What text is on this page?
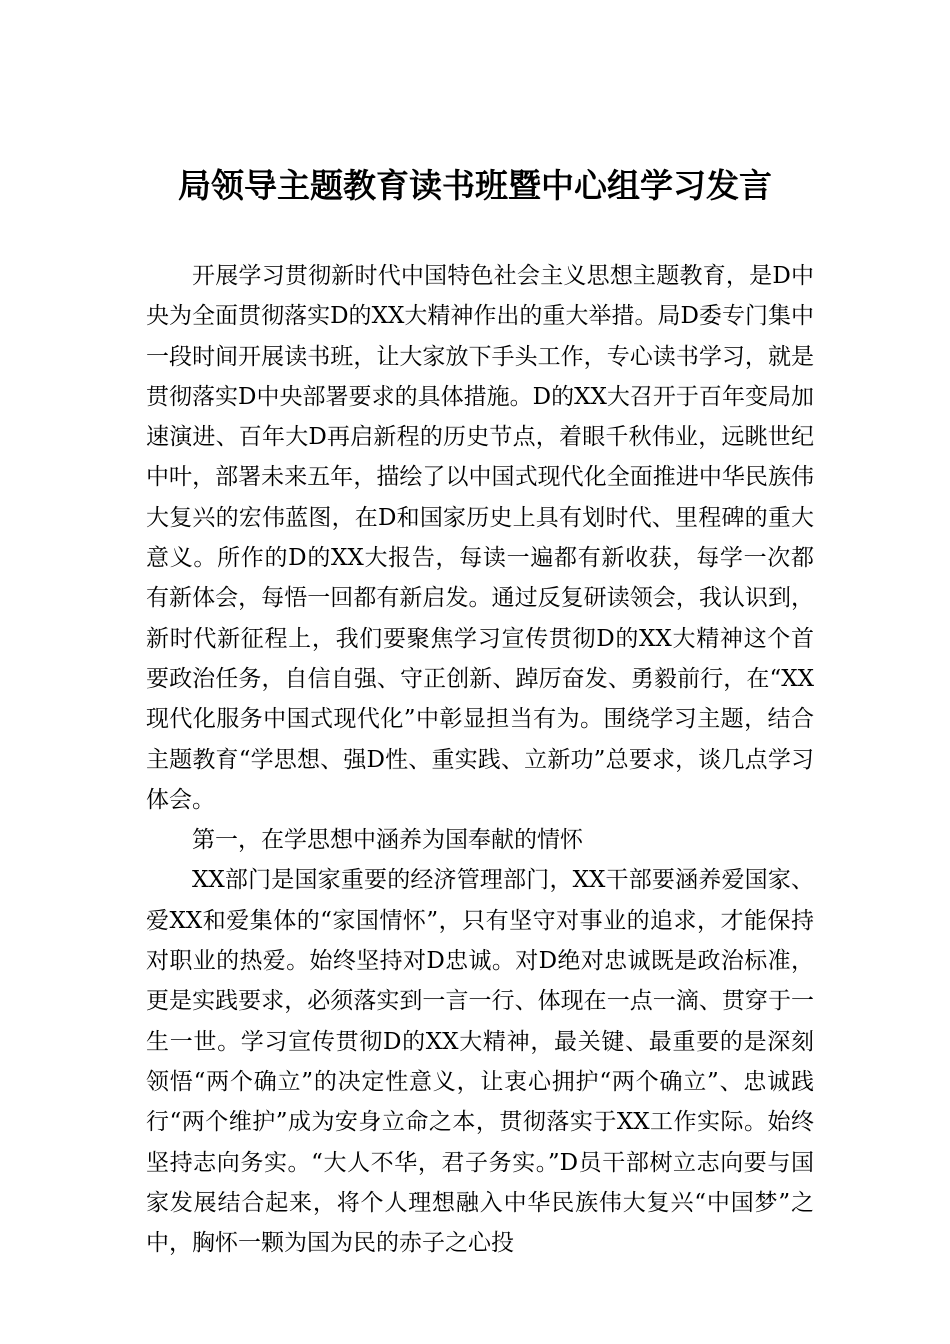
局领导主题教育读书班暨中心组学习发言

开展学习贯彻新时代中国特色社会主义思想主题教育，是D中央为全面贯彻落实D的XX大精神作出的重大举措。局D委专门集中一段时间开展读书班，让大家放下手头工作，专心读书学习，就是贯彻落实D中央部署要求的具体措施。D的XX大召开于百年变局加速演进、百年大D再启新程的历史节点，着眼千秋伟业，远眺世纪中叶，部署未来五年，描绘了以中国式现代化全面推进中华民族伟大复兴的宏伟蓝图，在D和国家历史上具有划时代、里程碑的重大意义。所作的D的XX大报告，每读一遍都有新收获，每学一次都有新体会，每悟一回都有新启发。通过反复研读领会，我认识到，新时代新征程上，我们要聚焦学习宣传贯彻D的XX大精神这个首要政治任务，自信自强、守正创新、踔厉奋发、勇毅前行，在“XX现代化服务中国式现代化”中彰显担当有为。围绕学习主题，结合主题教育“学思想、强D性、重实践、立新功”总要求，谈几点学习体会。

第一，在学思想中涵养为国奉献的情怀

XX部门是国家重要的经济管理部门，XX干部要涵养爱国家、爱XX和爱集体的“家国情怀”，只有坚守对事业的追求，才能保持对职业的热爱。始终坚持对D忠诚。对D绝对忠诚既是政治标准，更是实践要求，必须落实到一言一行、体现在一点一滴、贯穿于一生一世。学习宣传贯彻D的XX大精神，最关键、最重要的是深刻领悟“两个确立”的决定性意义，让衷心拥护“两个确立”、忠诚践行“两个维护”成为安身立命之本，贯彻落实于XX工作实际。始终坚持志向务实。“大人不华，君子务实。”D员干部树立志向要与国家发展结合起来，将个人理想融入中华民族伟大复兴“中国梦”之中，胸怀一颗为国为民的赤子之心投
